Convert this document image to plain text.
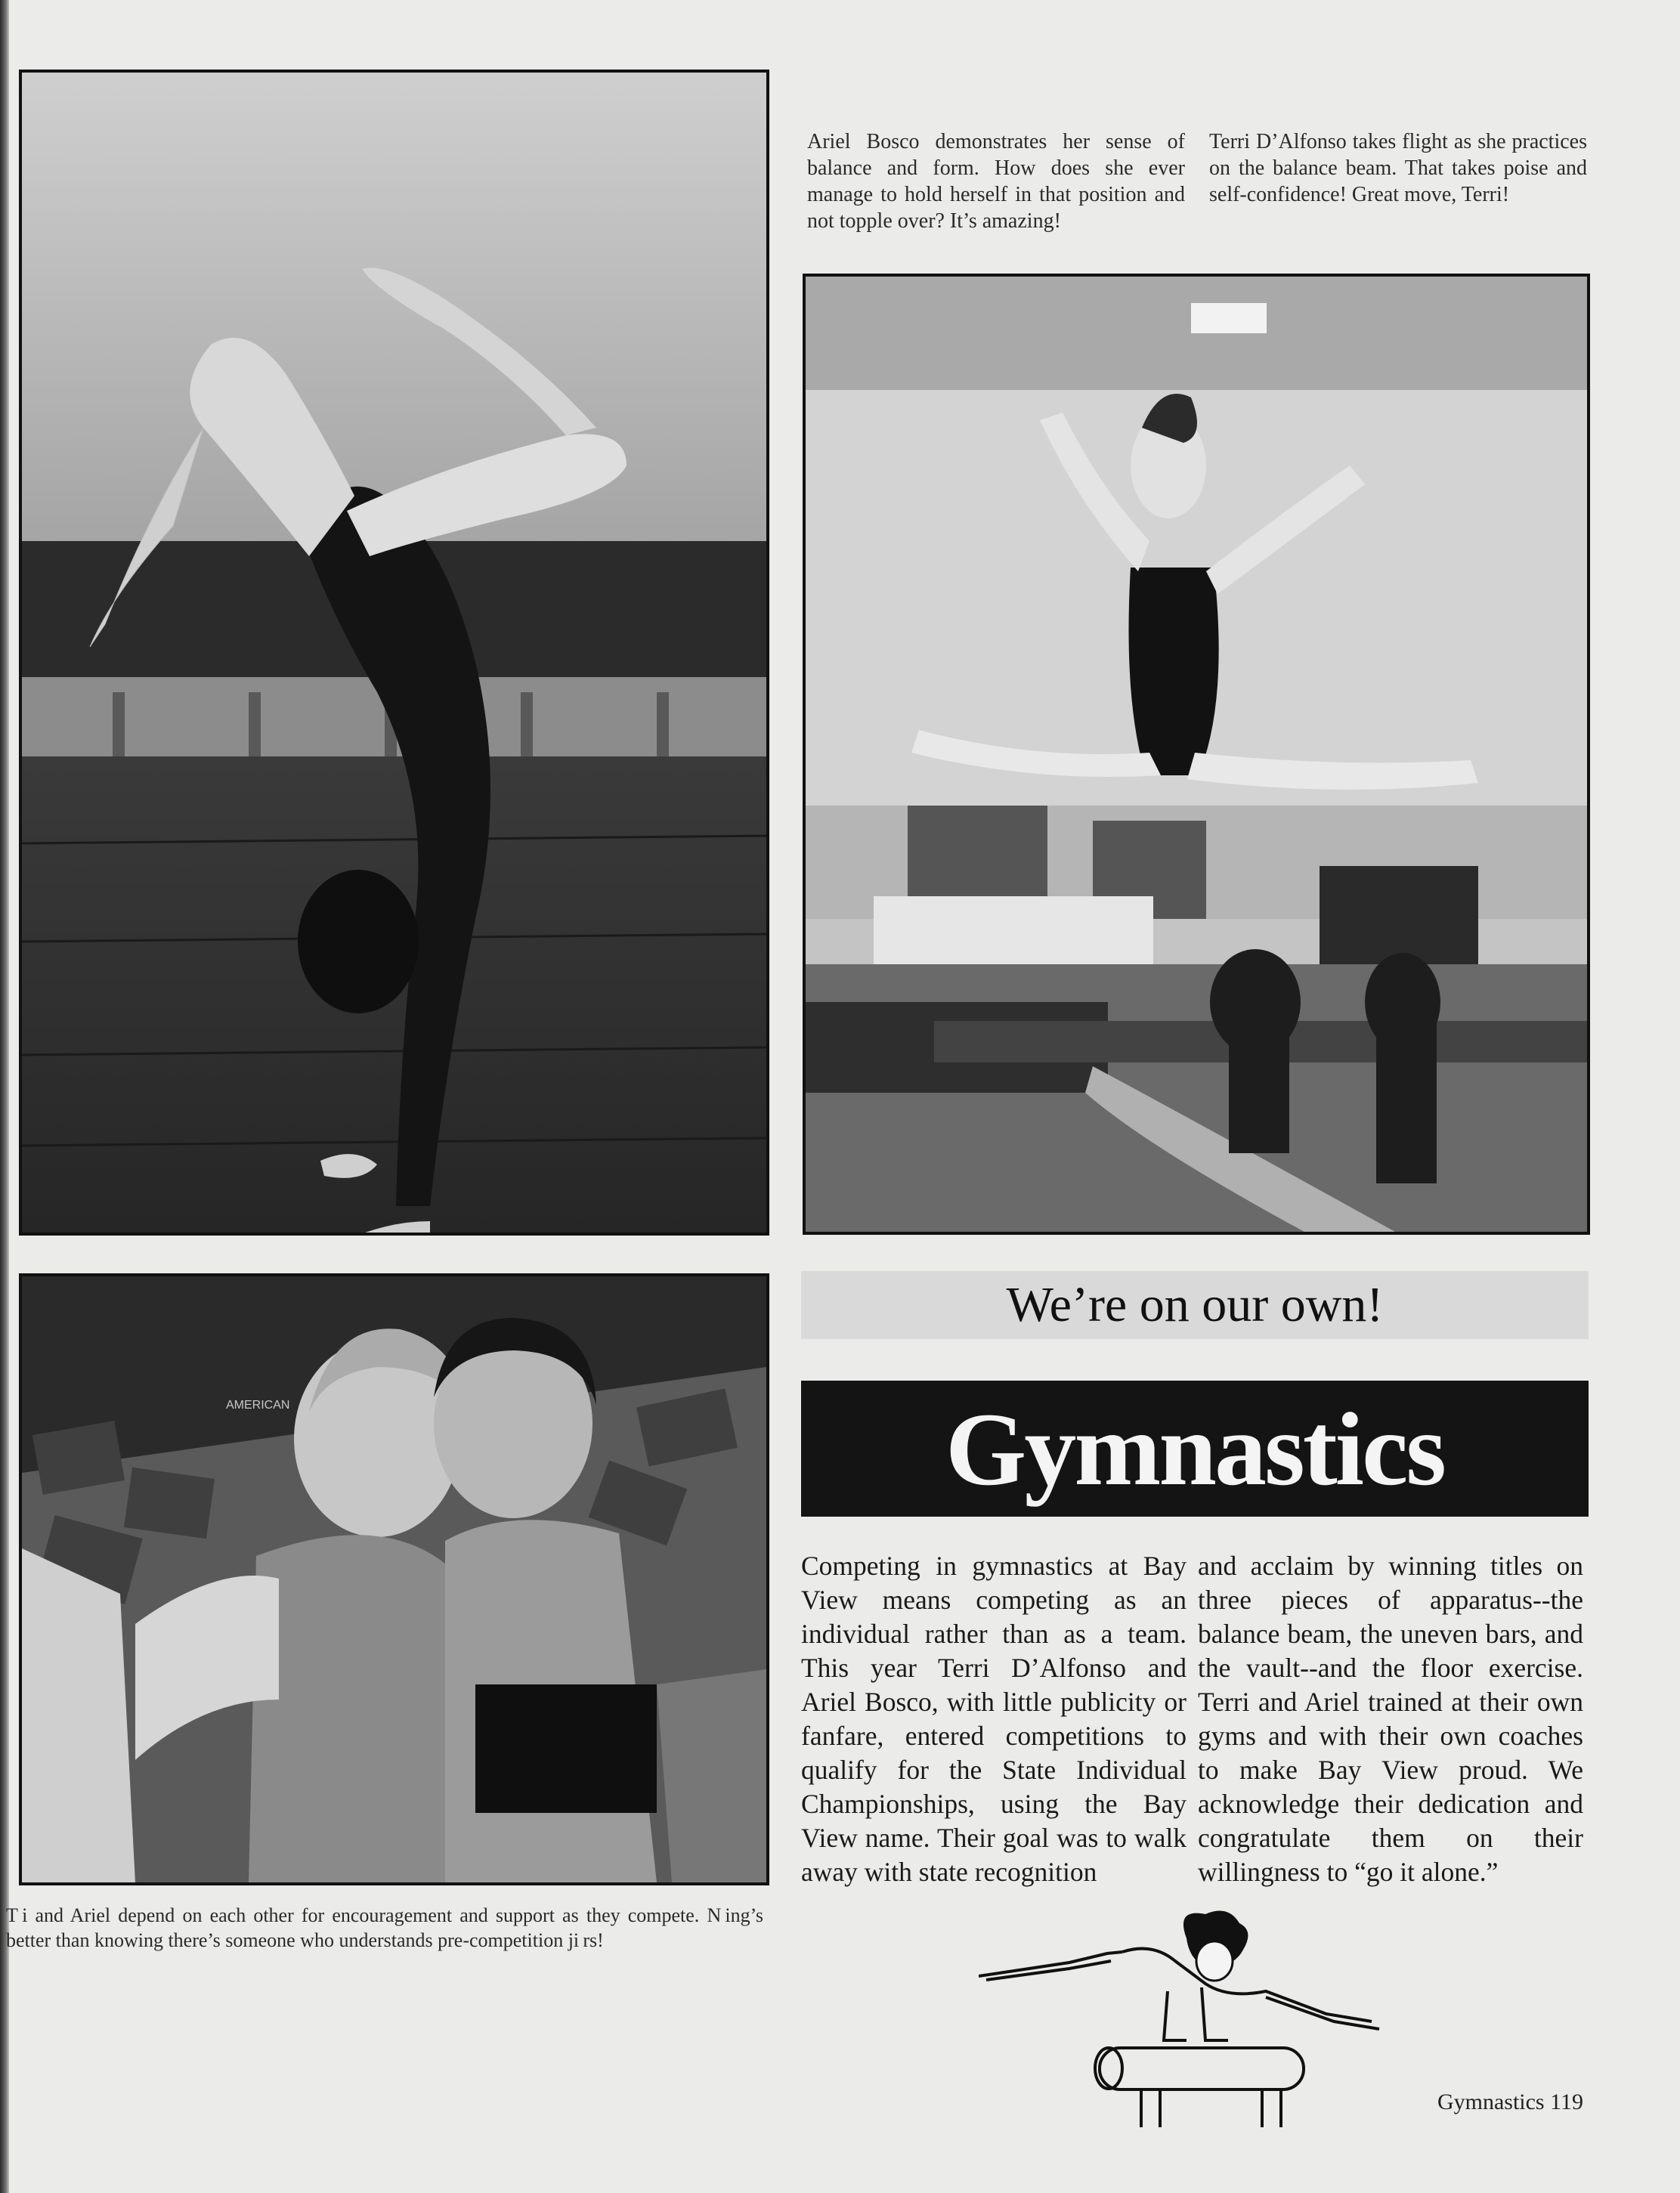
Ariel Bosco demonstrates her sense of balance and form. How does she ever manage to hold herself in that position and not topple over? It’s amazing!

Terri D’Alfonso takes flight as she practices on the balance beam. That takes poise and self-confidence! Great move, Terri!

AMERICAN

T i and Ariel depend on each other for encouragement and support as they compete. N ing’s better than knowing there’s someone who understands pre-competition ji rs!

We’re on our own!
Gymnastics

Competing in gymnastics at Bay View means competing as an individual rather than as a team. This year Terri D’Alfonso and Ariel Bosco, with little publicity or fanfare, entered competitions to qualify for the State Individual Championships, using the Bay View name. Their goal was to walk away with state recognition

and acclaim by winning titles on three pieces of apparatus--the balance beam, the uneven bars, and the vault--and the floor exercise. Terri and Ariel trained at their own gyms and with their own coaches to make Bay View proud. We acknowledge their dedication and congratulate them on their willingness to “go it alone.”

Gymnastics 119
